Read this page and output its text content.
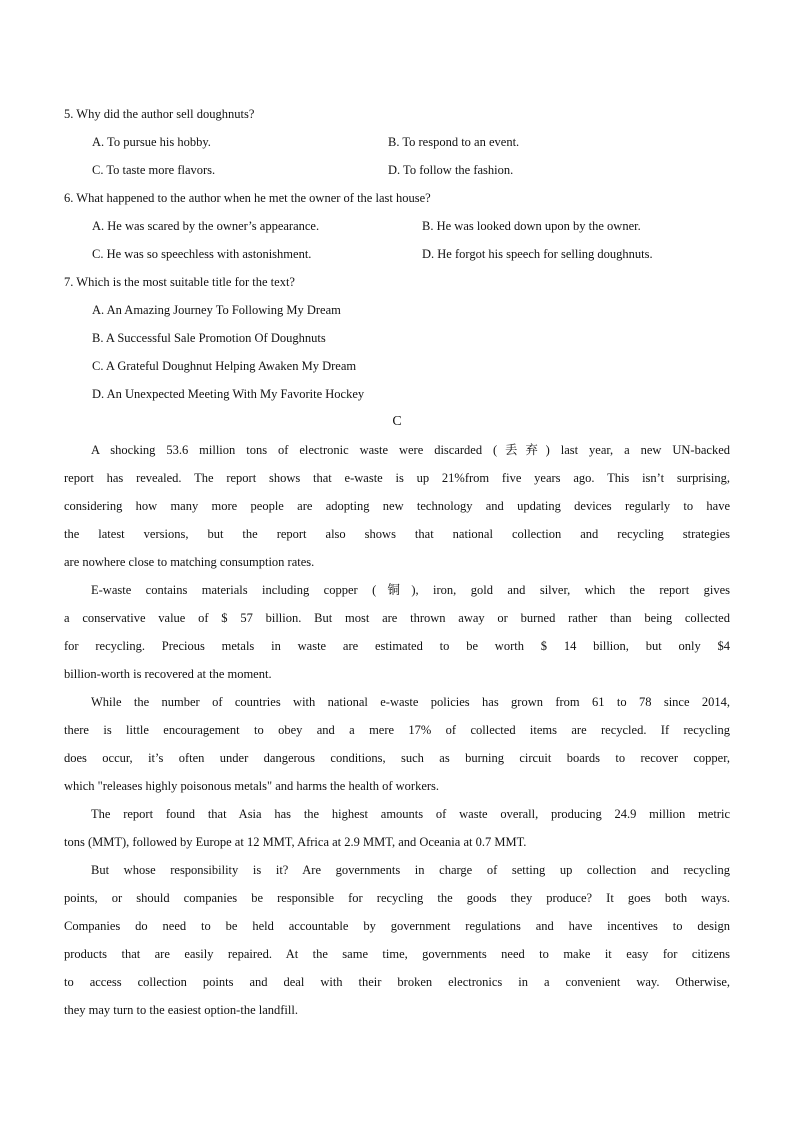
5. Why did the author sell doughnuts?
A. To pursue his hobby.	B. To respond to an event.
C. To taste more flavors.	D. To follow the fashion.
6. What happened to the author when he met the owner of the last house?
A. He was scared by the owner’s appearance.	B. He was looked down upon by the owner.
C. He was so speechless with astonishment.	D. He forgot his speech for selling doughnuts.
7. Which is the most suitable title for the text?
A. An Amazing Journey To Following My Dream
B. A Successful Sale Promotion Of Doughnuts
C. A Grateful Doughnut Helping Awaken My Dream
D. An Unexpected Meeting With My Favorite Hockey
C
A shocking 53.6 million tons of electronic waste were discarded (丢弃) last year, a new UN-backed
report has revealed. The report shows that e-waste is up 21%from five years ago. This isn’t surprising,
considering how many more people are adopting new technology and updating devices regularly to have
the latest versions, but the report also shows that national collection and recycling strategies
are nowhere close to matching consumption rates.
E-waste contains materials including copper (铜), iron, gold and silver, which the report gives
a conservative value of $ 57 billion. But most are thrown away or burned rather than being collected
for recycling. Precious metals in waste are estimated to be worth $ 14 billion, but only $4
billion-worth is recovered at the moment.
While the number of countries with national e-waste policies has grown from 61 to 78 since 2014,
there is little encouragement to obey and a mere 17% of collected items are recycled. If recycling
does occur, it’s often under dangerous conditions, such as burning circuit boards to recover copper,
which "releases highly poisonous metals" and harms the health of workers.
The report found that Asia has the highest amounts of waste overall, producing 24.9 million metric
tons (MMT), followed by Europe at 12 MMT, Africa at 2.9 MMT, and Oceania at 0.7 MMT.
But whose responsibility is it? Are governments in charge of setting up collection and recycling
points, or should companies be responsible for recycling the goods they produce? It goes both ways.
Companies do need to be held accountable by government regulations and have incentives to design
products that are easily repaired. At the same time, governments need to make it easy for citizens
to access collection points and deal with their broken electronics in a convenient way. Otherwise,
they may turn to the easiest option-the landfill.
